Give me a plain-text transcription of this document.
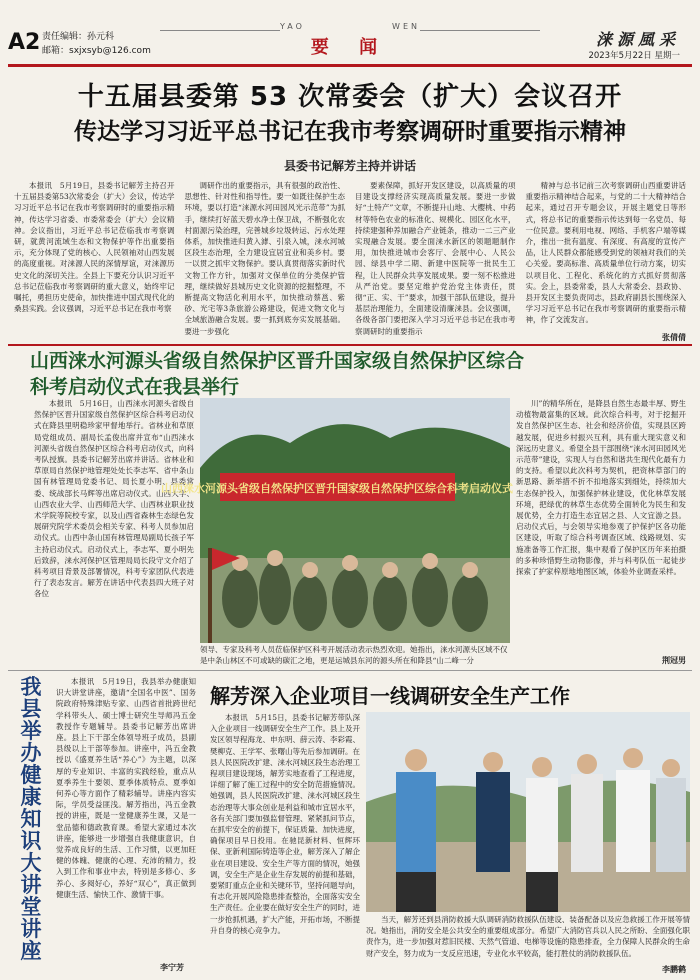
A2 责任编辑：孙元科
邮箱：sxjxsyb@126.com
YAO	WEN
要 闻	涞源風采
2023年5月22日 星期一
十五届县委第 53 次常委会（扩大）会议召开
传达学习习近平总书记在我市考察调研时重要指示精神
县委书记解芳主持并讲话

本报讯　5月19日，县委书记解芳主持召开十五届县委第53次常委会（扩大）会议，传达学习习近平总书记在我市考察调研时的重要指示精神，传达学习省委、市委常委会（扩大）会议精神。会议指出，习近平总书记莅临我市考察调研，就黄河流域生态和文物保护等作出重要指示，充分体现了党的核心、人民领袖对山西发展的高度重视。对涞源人民的深情厚谊，对涞源历史文化的深切关注。全县上下要充分认识习近平总书记莅临我市考察调研的重大意义，始终牢记嘱托，勇担历史使命，加快推进中国式现代化的桑县实践。会议强调，习近平总书记在我市考察

调研作出的重要指示，具有很强的政治性、思想性、针对性和指导性。要一如既往保护生态环境，要以打造“涞源水河田园风光示范带”为抓手，继续打好蓝天碧水净土保卫战，不断强化农村面源污染治理，完善城乡垃圾转运、污水处理体系，加快推进归黄入滹、引泉入城，涞水河城区段生态治理，全力建设宜居宜业和美乡村。要一以贯之抓牢文物保护。要认真贯彻落实新时代文物工作方针，加强对文保单位的分类保护管理，继续做好县城历史文化资源的挖掘整理，不断提高文物活化利用水平，加快推动蔡邕、紫砂、光宅等3条旅游公路建设，促进文物文化与全域旅游融合发展。要一抓到底夯实发展基础。要进一步强化

要素保障，抓好开发区建设，以高质量的项目建设支撑经济实现高质量发展。要进一步做好“土特产”文章，不断提升山地、大樱桃、中药材等特色农业的标准化、规模化、园区化水平，持续建强种养加融合产业链条，推动一二三产业实现融合发展。要全面涞水新区的领题题制作用，加快推进城市会客厅、会展中心、人民公园、绿县中学二期、新建中医院等一批民生工程，让人民群众共享发展成果。要一刻不松推进从严治党。要坚定维护党治党主体责任，贯彻“正、实、干”要求，加强干部队伍建设，提升基层治理能力，全面建设清廉涞县。会议强调，各级各部门要把深入学习习近平总书记在我市考察调研时的重要指示

精神与总书记前三次考察调研山西重要讲话重要指示精神结合起来，与党的二十大精神结合起来，通过召开专题会议，开展主题党日等形式，将总书记的重要指示传达到每一名党员、每一位民意。要利用电视、网络、手机客户端等媒介，推出一批有温度、有深度、有高度的宣传产品，让人民群众都能感受到党的领袖对我们的关心关爱。要高标准、高质量单位行动方案，切实以项目化、工程化、系统化的方式抓好贯彻落实。会上，县委常委，县人大常委会、县政协、县开发区主要负责同志，县政府副县长围绕深入学习习近平总书记在我市考察调研的重要指示精神，作了交流发言。

张倩倩
山西涞水河源头省级自然保护区晋升国家级自然保护区综合
科考启动仪式在我县举行

本报讯　5月16日，山西涞水河源头省级自然保护区晋升国家级自然保护区综合科考启动仪式在降县里明稳珍家甲督地举行。省林业和草原局党组成员、副局长孟俊出席并宣布“山西涞水河源头省级自然保护区综合科考启动仪式，向科考队授旗。县委书记解芳出席并讲话。省林业和草原局自然保护地管理处处长李志军、省中条山国有林管理局党委书记、局长夏小明、县委常委、统战部长马辉等出席启动仪式。山西大学、山西农业大学、山西师范大学、山西林业职业技术学院等院校专家，以及山西省森林生态绿色发展研究院学术委员会相关专家、科考人员参加启动仪式。山西中条山国有林管理局副局长孩子军主持启动仪式。启动仪式上，李志军、夏小明先后致辞，涞水河保护区管理局局长段守文介绍了科考项目背景及部署情况，科考专家团队代表进行了表态发言。解芳在讲话中代表县四大班子对各位

山西涞水河源头省级自然保护区晋升国家级自然保护区综合科考启动仪式
领导、专家及科考人员莅临保护区科考开展活动表示热烈欢迎。她指出，涞水河源头区域不仅是中条山林区不可或缺的碳汇之地，更是运城县东河的源头所在和降县“山二峰一分

川”的精华所在，是降县自然生态最丰厚、野生动植物最富集的区域。此次综合科考，对于挖掘开发自然保护区生态、社会和经济价值，实现县区跨越发展，促进乡村振兴互利，具有重大现实意义和深远历史意义。希望全县干部围绕“涞水河田园风光示范带”建设，实现人与自然和谐共生现代化最有力的支持。希望以此次科考为契机，把资林草部门的新思路、新举措不折不扣地落实到细处，持续加大生态保护投入，加强保护林业建设，优化林草发展环境，把绿优的林草生态优势全面转化为民生和发展优势，全力打造生态宜居之县、人文宜游之县。启动仪式后，与会领导实地参观了护保护区各功能区建设，听取了综合科考调查区域、线路规划、实施准备等工作汇报，集中观看了保护区历年来拍摄的多种珍惜野生动物影像，并与科考队伍一起徒步探索了护家梓原地地图区域，体验外业调查采样。

荆冠男
我县举办健康知识大讲堂讲座

本报讯　5月19日，我县举办健康知识大讲堂讲座，邀请“全国名中医”、国务院政府特殊津贴专家、山西省首批跨世纪学科带头人、硕士博士研究生导师冯五金教授作专题辅导。县委书记解芳出席讲座。县上下干部全体领导班子成员，县副县级以上干部等参加。讲座中，冯五金教授以《盛夏养生话“养心”》为主题，以深厚的专业知识、丰富的实践经验，重点从夏季养生十要领、夏季体质特点、夏季如何养心等方面作了精彩辅导。讲座内容实际，学员受益匪浅。解芳指出，冯五金教授的讲座，既是一堂健康养生课，又是一堂品德和德政教育课。希望大家通过本次讲座，能够进一步增强自我健康意识，自觉养成良好的生活、工作习惯，以更加旺健的体魄、健康的心理、充沛的精力，投入到工作和事业中去，特别是多修心、多养心、多阅好心，养好“双心”，真正做到健康生活、愉快工作、激情干事。

李宁芳
解芳深入企业项目一线调研安全生产工作

本报讯　5月15日，县委书记解芳带队深入企业项目一线调研安全生产工作。县上及开发区领导程海龙、申东明、薛云涛、李彩霞、樊柳克、王学军、张曙山等先后参加调研。在县人民医院改扩建、涞水河城区段生态治理工程项目建设现场，解芳实地查看了工程进度，详细了解了施工过程中的安全防范措施情况。她强调，县人民医院改扩建、涞水河城区段生态治理等大事众创业是利益和城市宜居水平，各有关部门要加强监督管理、紧紧抓问节点，在抓牢安全的前提下，保证质量、加快进度，确保项目早日投用。在驰昆新材料、恒辉环保、亚新利国际铸造等企业，解芳深入了解企业在项目建设、安全生产等方面的情况，她强调，安全生产是企业生存发展的前提和基础，要紧盯重点企业和关键环节，坚持问题导向，有志化开展风险隐患排查整治，全面落实安全生产责任。企业要在做好安全生产的同时，进一步抢抓机遇，扩大产能，开拓市场，不断提升自身的核心竞争力。

当天，解芳还到县消防救援大队调研消防救援队伍建设、装备配备以及应急救援工作开展等情况。她指出，消防安全是公共安全的重要组成部分。希望广大消防官兵以人民之所盼、全面强化职责作为，进一步加强对惹旧民楼、天然气管道、电梯等设施的隐患排查，全力保障人民群众的生命财产安全，努力成为一支反应迅速，专业化水平较高，能打胜仗的消防救援队伍。

李鹏鹤
